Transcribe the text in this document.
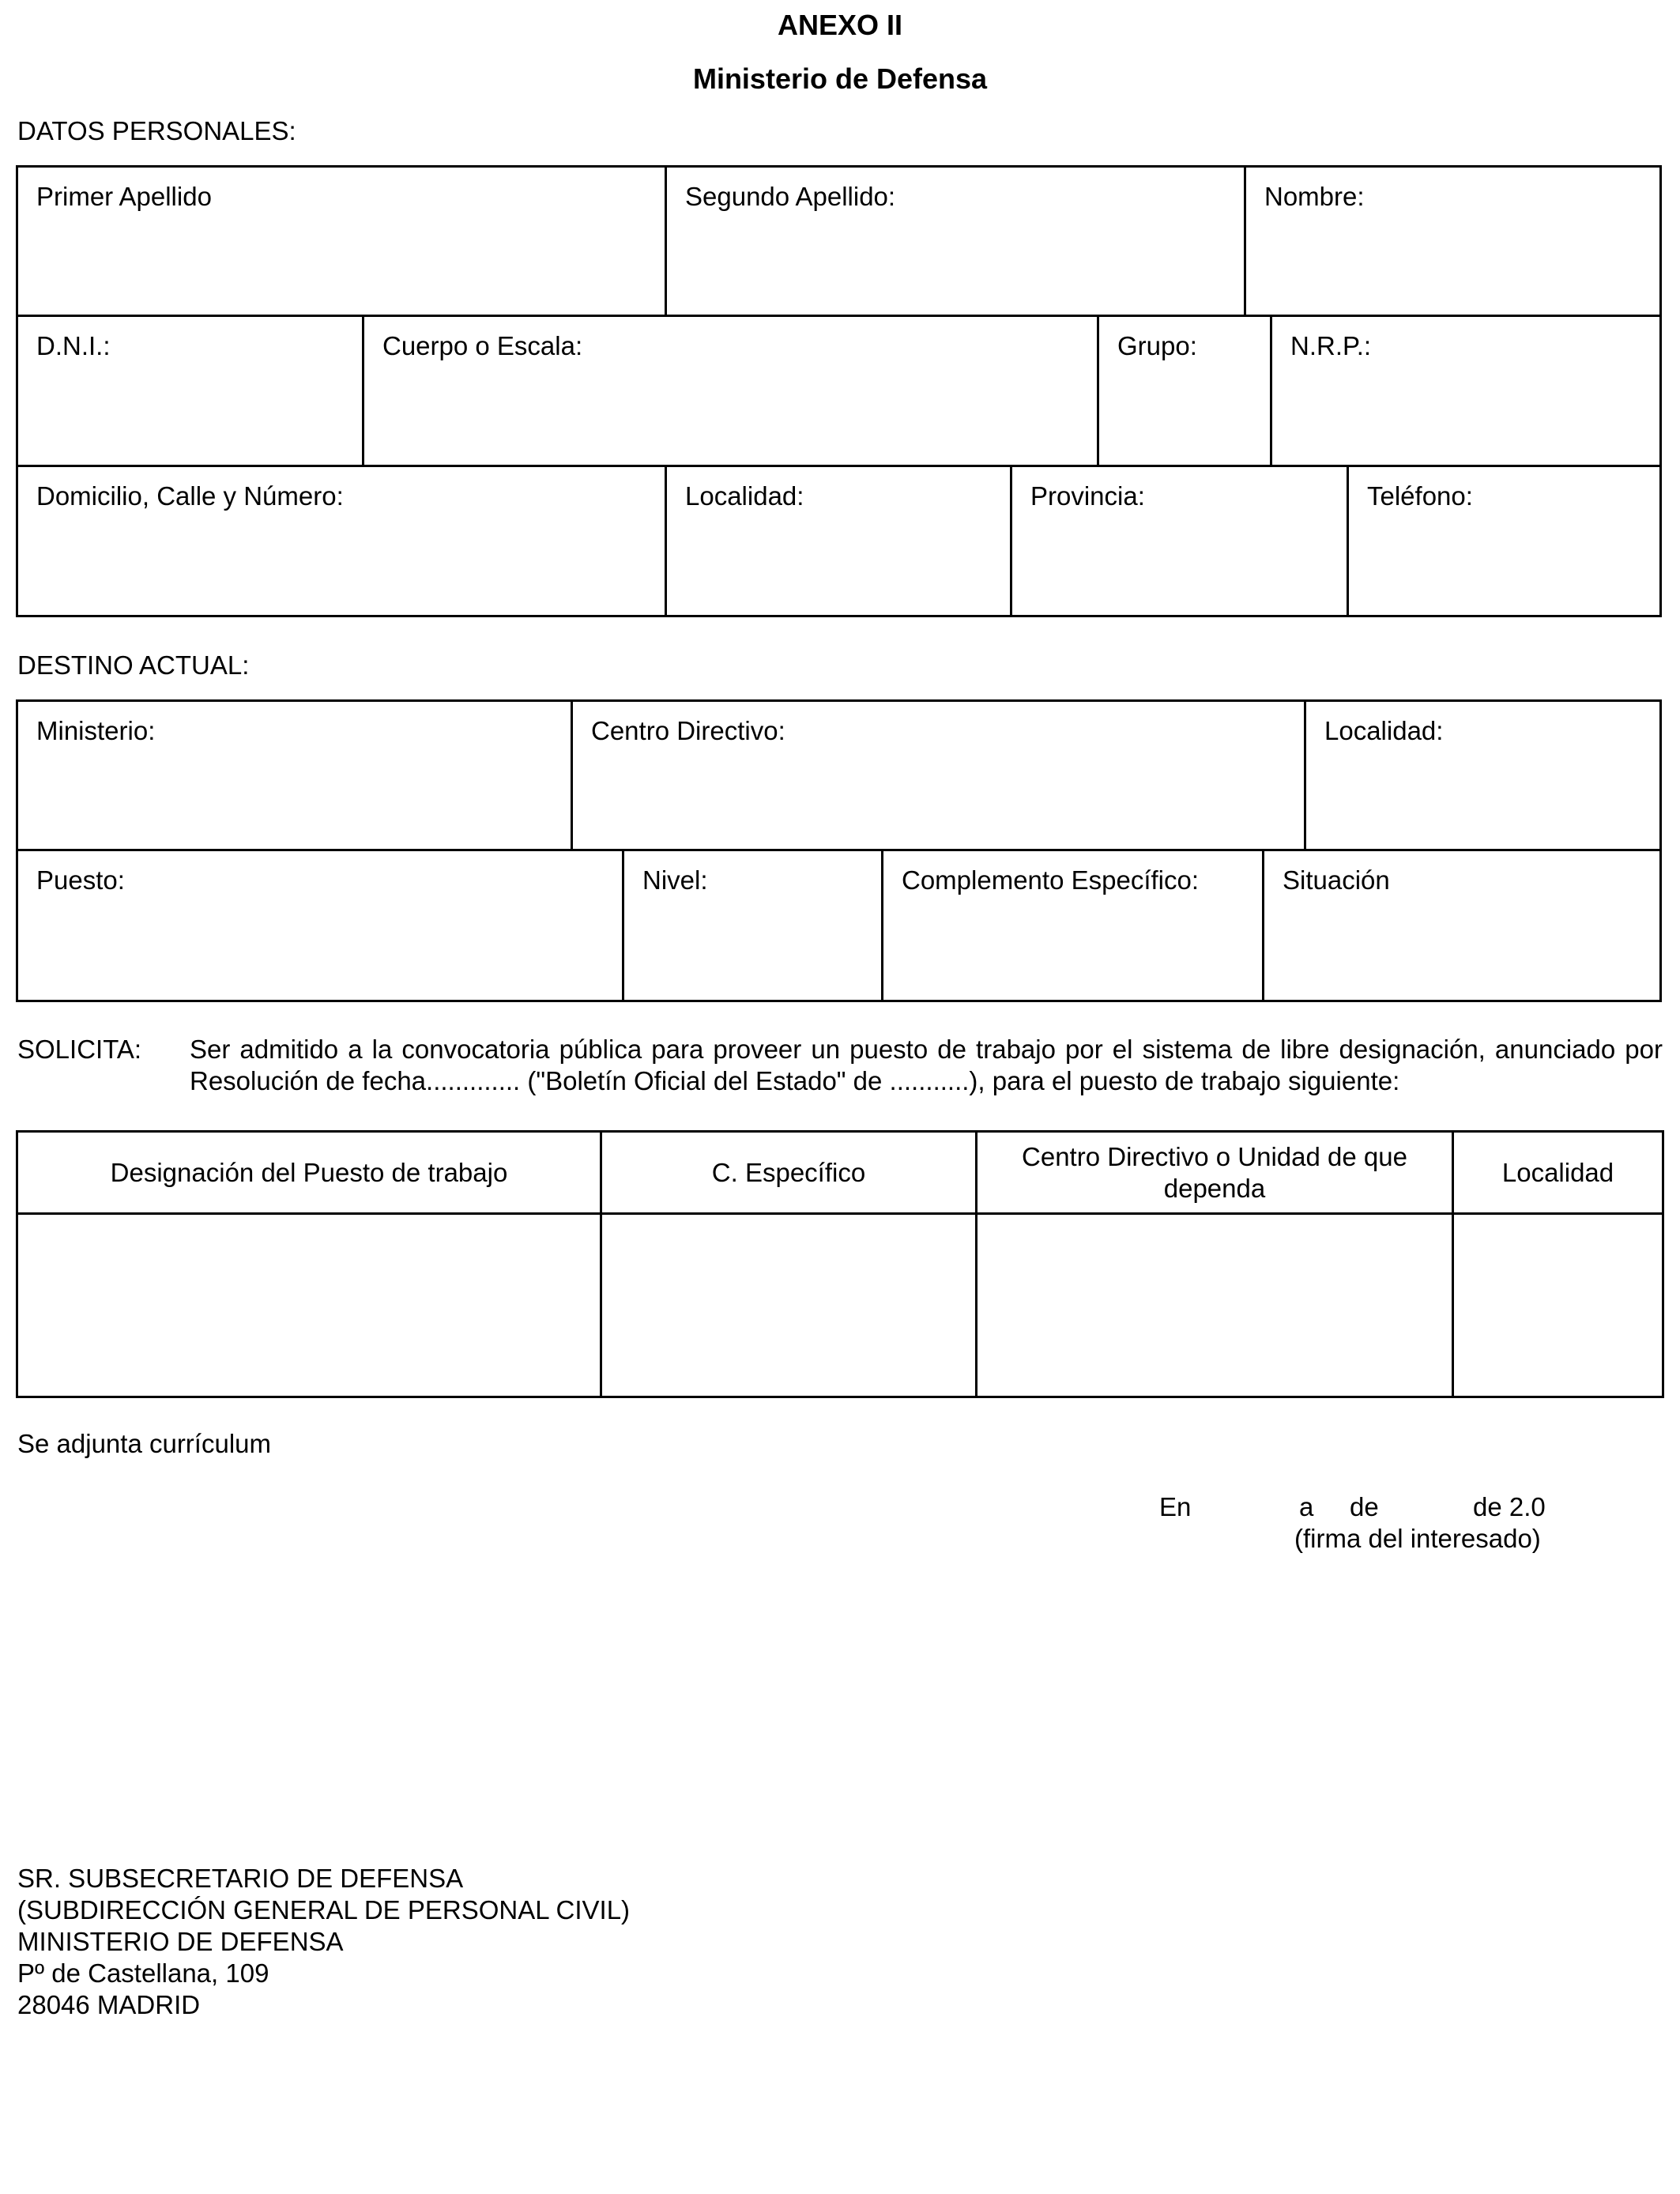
ANEXO II
Ministerio de Defensa
DATOS PERSONALES:
Primer Apellido	Segundo Apellido:	Nombre:
D.N.I.:	Cuerpo o Escala:	Grupo:	N.R.P.:
Domicilio, Calle y Número:	Localidad:	Provincia:	Teléfono:
DESTINO ACTUAL:
Ministerio:	Centro Directivo:	Localidad:
Puesto:	Nivel:	Complemento Específico:	Situación
SOLICITA: Ser admitido a la convocatoria pública para proveer un puesto de trabajo por el sistema de libre designación, anunciado por
Resolución de fecha............. ("Boletín Oficial del Estado" de ...........), para el puesto de trabajo siguiente:
Designación del Puesto de trabajo	C. Específico	Centro Directivo o Unidad de que dependa	Localidad

Se adjunta currículum
En	a de	de 2.0
(firma del interesado)
SR. SUBSECRETARIO DE DEFENSA
(SUBDIRECCIÓN GENERAL DE PERSONAL CIVIL)
MINISTERIO DE DEFENSA
Pº de Castellana, 109
28046 MADRID
